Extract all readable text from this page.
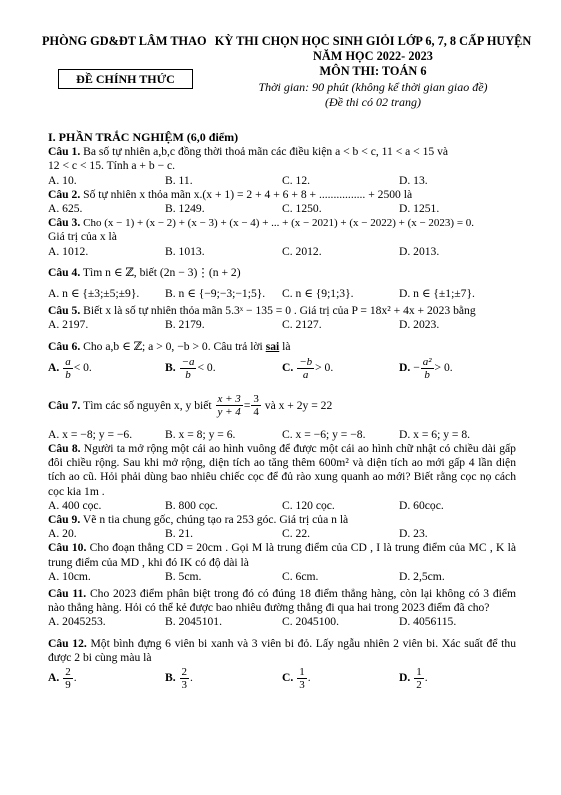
PHÒNG GD&ĐT LÂM THAO KỲ THI CHỌN HỌC SINH GIỎI LỚP 6, 7, 8 CẤP HUYỆN
NĂM HỌC 2022- 2023
MÔN THI: TOÁN 6
Thời gian: 90 phút (không kể thời gian giao đề)
(Đề thi có 02 trang)
ĐỀ CHÍNH THỨC
I. PHẦN TRẮC NGHIỆM (6,0 điểm)
Câu 1. Ba số tự nhiên a,b,c đồng thời thoả mãn các điều kiện a < b < c, 11 < a < 15 và
12 < c < 15. Tính a + b − c.
A. 10.	B. 11.	C. 12.	D. 13.
Câu 2. Số tự nhiên x thỏa mãn x.(x + 1) = 2 + 4 + 6 + 8 + ................ + 2500 là
A. 625.	B. 1249.	C. 1250.	D. 1251.
Câu 3. Cho (x − 1) + (x − 2) + (x − 3) + (x − 4) + ... + (x − 2021) + (x − 2022) + (x − 2023) = 0.
Giá trị của x là
A. 1012.	B. 1013.	C. 2012.	D. 2013.
Câu 4. Tìm n ∈ ℤ, biết (2n − 3)⋮(n + 2)
A. n ∈ {±3;±5;±9}.	B. n ∈ {−9;−3;−1;5}.	C. n ∈ {9;1;3}.	D. n ∈ {±1;±7}.
Câu 5. Biết x là số tự nhiên thỏa mãn 5.3ˣ − 135 = 0 . Giá trị của P = 18x² + 4x + 2023 bằng
A. 2197.	B. 2179.	C. 2127.	D. 2023.
Câu 6. Cho a,b ∈ ℤ; a > 0, −b > 0. Câu trả lời sai là
A. $\frac{a}{b} < 0$.	B. $\frac{-a}{b} < 0$.	C. $\frac{-b}{a} > 0$.	D. − $\frac{\text{a²}}{b} > 0$.
Câu 7.
Tìm các số nguyên x, y biết
$\frac{x + 3}{y + 4} = \frac{3}{4}$
và x + 2y = 22
A. x = −8; y = −6.	B. x = 8; y = 6.	C. x = −6; y = −8.	D. x = 6; y = 8.
Câu 8. Người ta mở rộng một cái ao hình vuông để được một cái ao hình chữ nhật có chiều dài gấp đôi chiều rộng. Sau khi mở rộng, diện tích ao tăng thêm 600m² và diện tích ao mới gấp 4 lần diện tích ao cũ. Hỏi phải dùng bao nhiêu chiếc cọc để đủ rào xung quanh ao mới? Biết rằng cọc nọ cách cọc kia 1m .
A. 400 cọc.	B. 800 cọc.	C. 120 cọc.	D. 60cọc.
Câu 9. Vẽ n tia chung gốc, chúng tạo ra 253 góc. Giá trị của n là
A. 20.	B. 21.	C. 22.	D. 23.
Câu 10. Cho đoạn thẳng CD = 20cm . Gọi M là trung điểm của CD , I là trung điểm của MC , K là trung điểm của MD , khi đó IK có độ dài là
A. 10cm.	B. 5cm.	C. 6cm.	D. 2,5cm.
Câu 11. Cho 2023 điểm phân biệt trong đó có đúng 18 điểm thẳng hàng, còn lại không có 3 điểm nào thẳng hàng. Hỏi có thể kẻ được bao nhiêu đường thẳng đi qua hai trong 2023 điểm đã cho?
A. 2045253.	B. 2045101.	C. 2045100.	D. 4056115.
Câu 12. Một bình đựng 6 viên bi xanh và 3 viên bi đỏ. Lấy ngẫu nhiên 2 viên bi. Xác suất để thu được 2 bi cùng màu là
A. $\frac{2}{9}$ .	B. $\frac{2}{3}$ .	C. $\frac{1}{3}$ .	D. $\frac{1}{2}$ .
